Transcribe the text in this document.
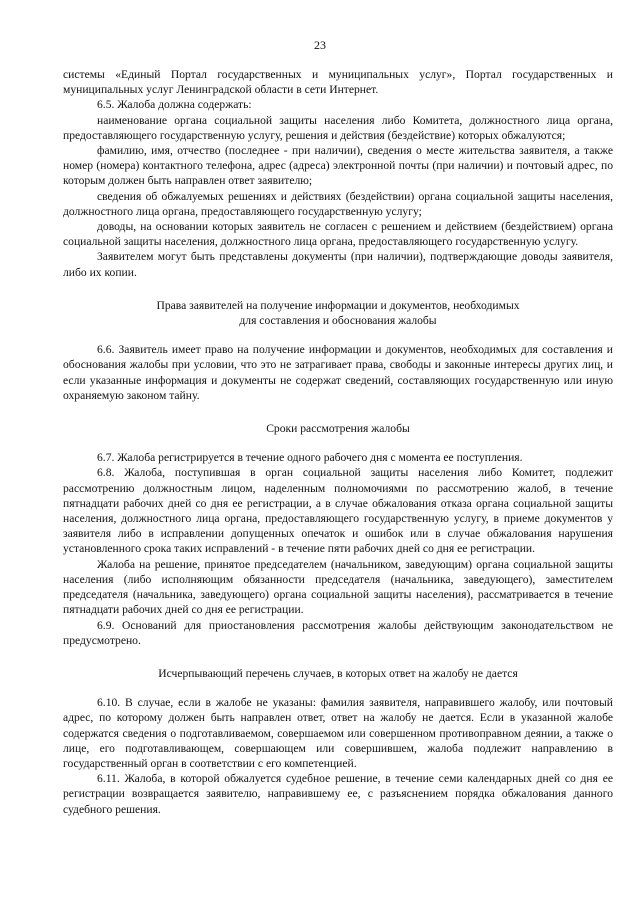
23

системы «Единый Портал государственных и муниципальных услуг», Портал государственных и муниципальных услуг Ленинградской области в сети Интернет.

6.5. Жалоба должна содержать:

наименование органа социальной защиты населения либо Комитета, должностного лица органа, предоставляющего государственную услугу, решения и действия (бездействие) которых обжалуются;

фамилию, имя, отчество (последнее - при наличии), сведения о месте жительства заявителя, а также номер (номера) контактного телефона, адрес (адреса) электронной почты (при наличии) и почтовый адрес, по которым должен быть направлен ответ заявителю;

сведения об обжалуемых решениях и действиях (бездействии) органа социальной защиты населения, должностного лица органа, предоставляющего государственную услугу;

доводы, на основании которых заявитель не согласен с решением и действием (бездействием) органа социальной защиты населения, должностного лица органа, предоставляющего государственную услугу.

Заявителем могут быть представлены документы (при наличии), подтверждающие доводы заявителя, либо их копии.

Права заявителей на получение информации и документов, необходимых
для составления и обоснования жалобы

6.6. Заявитель имеет право на получение информации и документов, необходимых для составления и обоснования жалобы при условии, что это не затрагивает права, свободы и законные интересы других лиц, и если указанные информация и документы не содержат сведений, составляющих государственную или иную охраняемую законом тайну.

Сроки рассмотрения жалобы

6.7. Жалоба регистрируется в течение одного рабочего дня с момента ее поступления.

6.8. Жалоба, поступившая в орган социальной защиты населения либо Комитет, подлежит рассмотрению должностным лицом, наделенным полномочиями по рассмотрению жалоб, в течение пятнадцати рабочих дней со дня ее регистрации, а в случае обжалования отказа органа социальной защиты населения, должностного лица органа, предоставляющего государственную услугу, в приеме документов у заявителя либо в исправлении допущенных опечаток и ошибок или в случае обжалования нарушения установленного срока таких исправлений - в течение пяти рабочих дней со дня ее регистрации.

Жалоба на решение, принятое председателем (начальником, заведующим) органа социальной защиты населения (либо исполняющим обязанности председателя (начальника, заведующего), заместителем председателя (начальника, заведующего) органа социальной защиты населения), рассматривается в течение пятнадцати рабочих дней со дня ее регистрации.

6.9. Оснований для приостановления рассмотрения жалобы действующим законодательством не предусмотрено.

Исчерпывающий перечень случаев, в которых ответ на жалобу не дается

6.10. В случае, если в жалобе не указаны: фамилия заявителя, направившего жалобу, или почтовый адрес, по которому должен быть направлен ответ, ответ на жалобу не дается. Если в указанной жалобе содержатся сведения о подготавливаемом, совершаемом или совершенном противоправном деянии, а также о лице, его подготавливающем, совершающем или совершившем, жалоба подлежит направлению в государственный орган в соответствии с его компетенцией.

6.11. Жалоба, в которой обжалуется судебное решение, в течение семи календарных дней со дня ее регистрации возвращается заявителю, направившему ее, с разъяснением порядка обжалования данного судебного решения.
